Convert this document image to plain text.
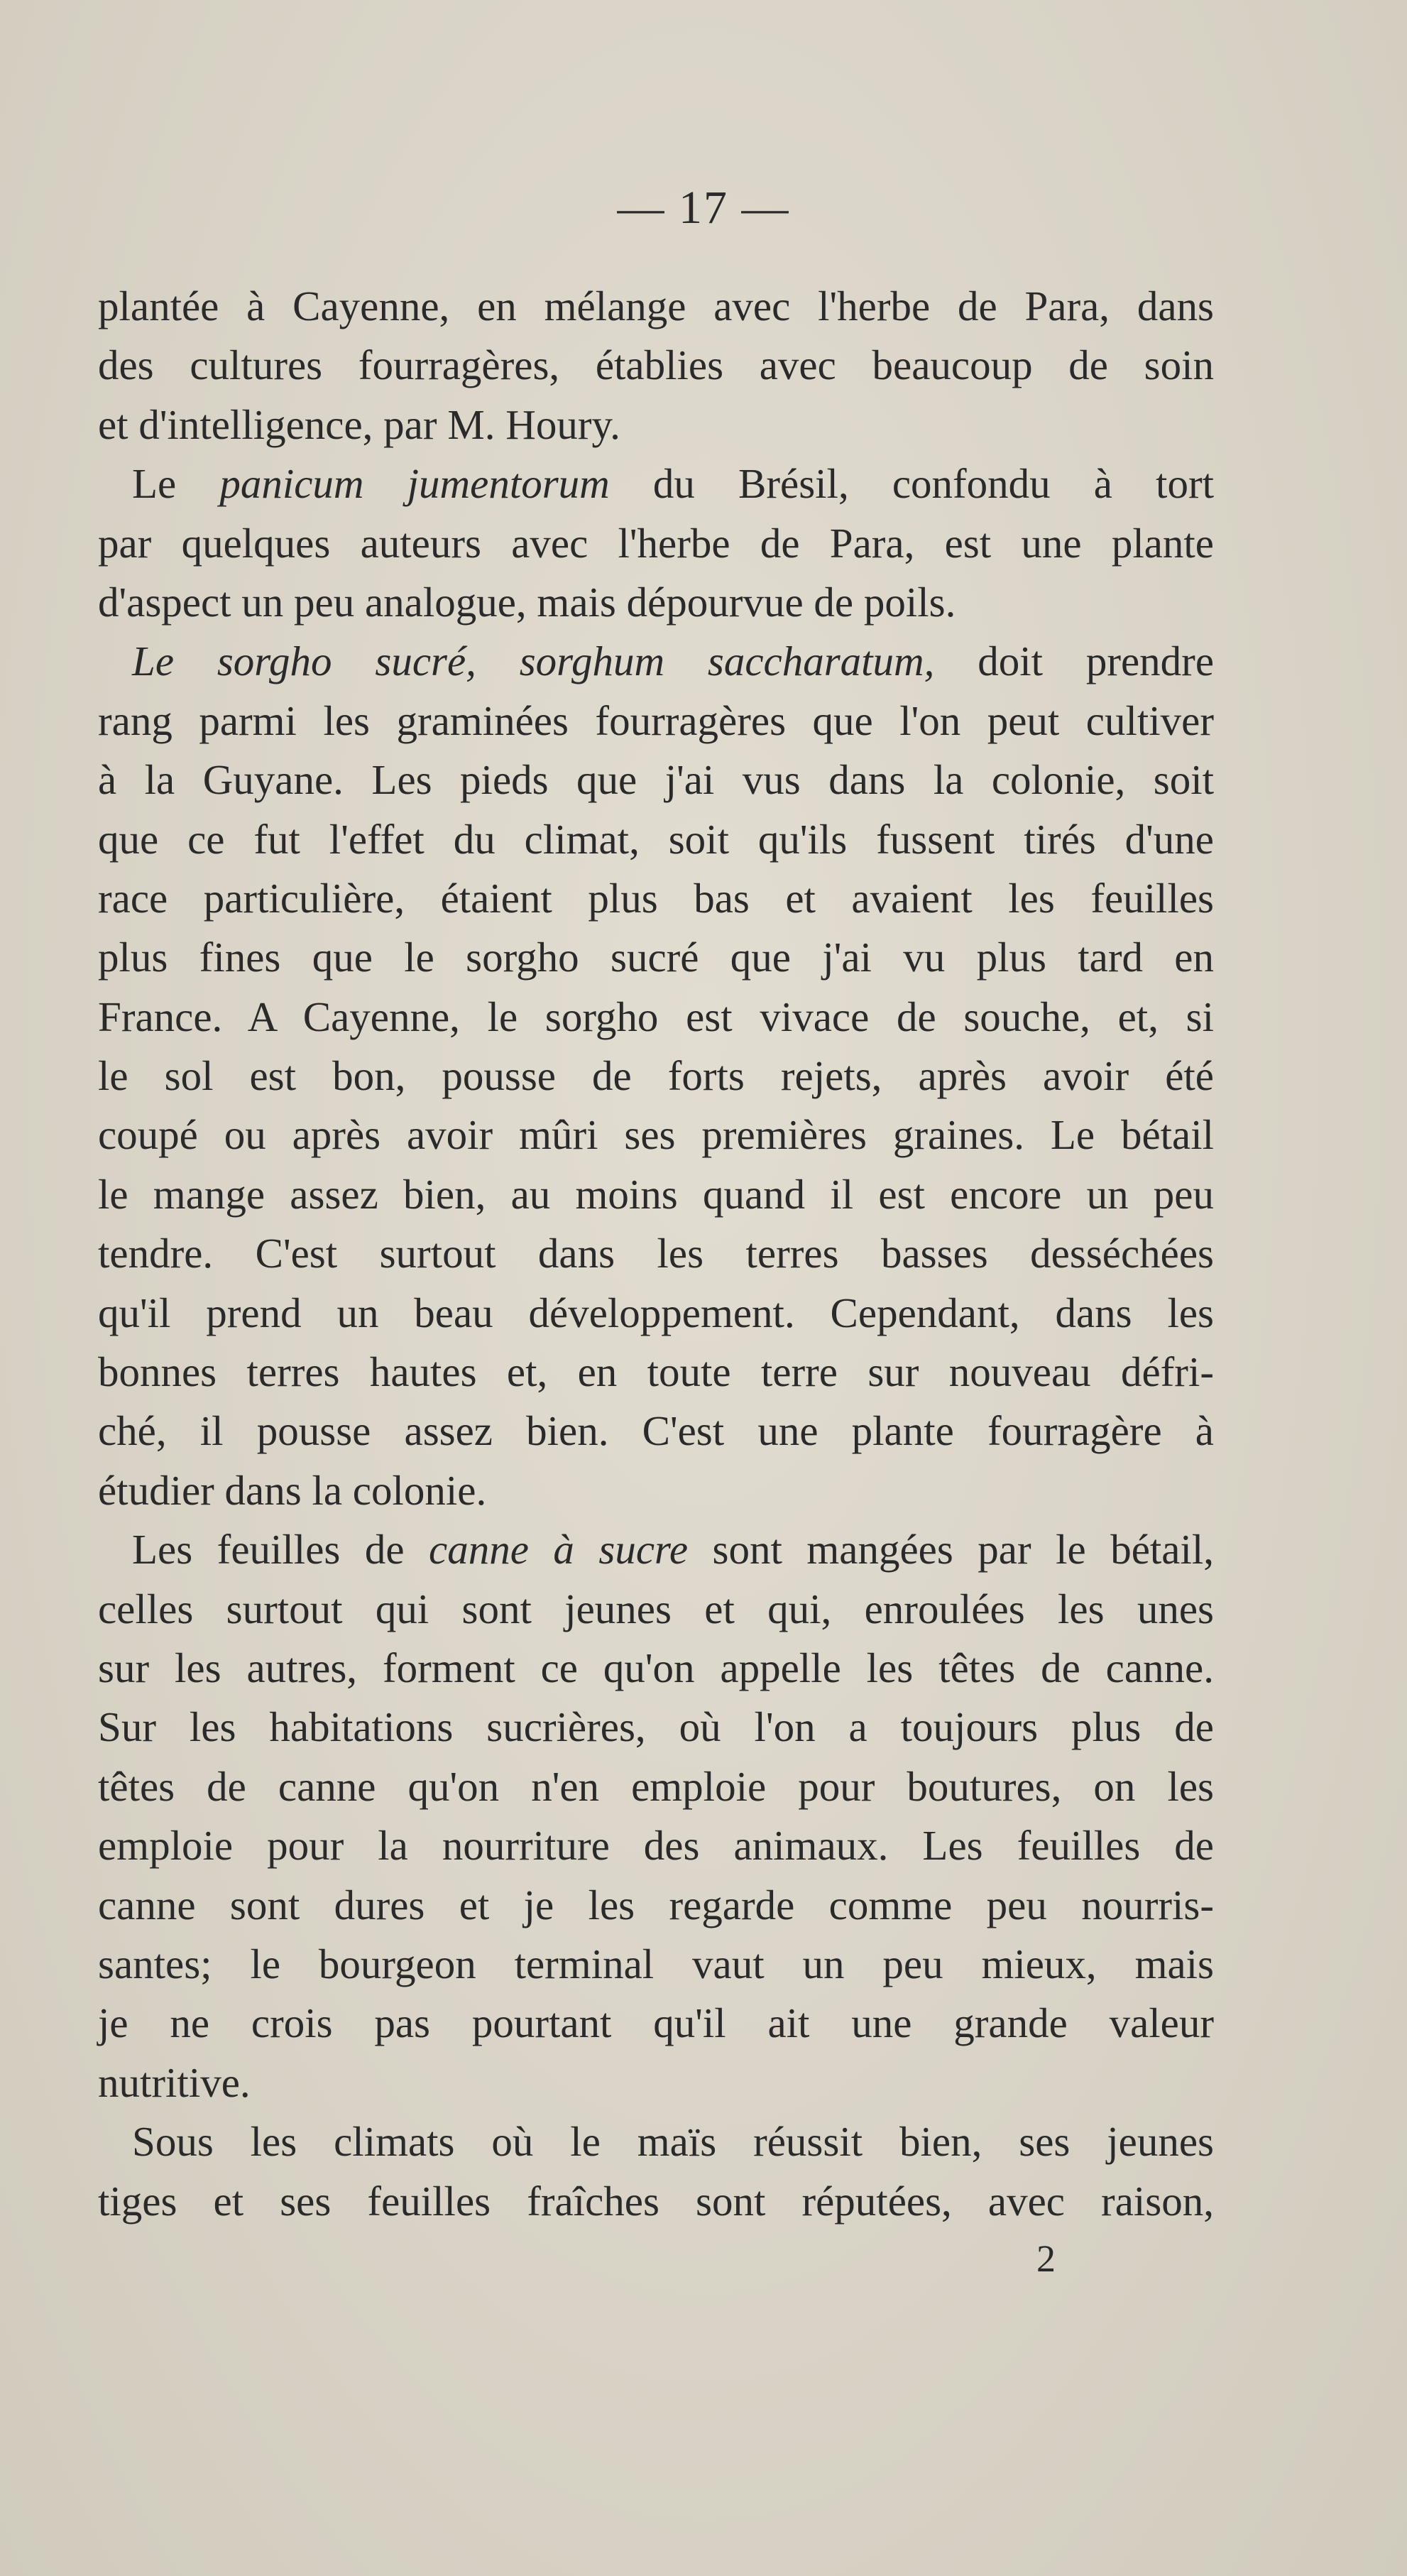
— 17 —
plantée à Cayenne, en mélange avec l'herbe de Para, dans
des cultures fourragères, établies avec beaucoup de soin
et d'intelligence, par M. Houry.
Le panicum jumentorum du Brésil, confondu à tort
par quelques auteurs avec l'herbe de Para, est une plante
d'aspect un peu analogue, mais dépourvue de poils.
Le sorgho sucré, sorghum saccharatum, doit prendre
rang parmi les graminées fourragères que l'on peut cultiver
à la Guyane. Les pieds que j'ai vus dans la colonie, soit
que ce fut l'effet du climat, soit qu'ils fussent tirés d'une
race particulière, étaient plus bas et avaient les feuilles
plus fines que le sorgho sucré que j'ai vu plus tard en
France. A Cayenne, le sorgho est vivace de souche, et, si
le sol est bon, pousse de forts rejets, après avoir été
coupé ou après avoir mûri ses premières graines. Le bétail
le mange assez bien, au moins quand il est encore un peu
tendre. C'est surtout dans les terres basses desséchées
qu'il prend un beau développement. Cependant, dans les
bonnes terres hautes et, en toute terre sur nouveau défri-
ché, il pousse assez bien. C'est une plante fourragère à
étudier dans la colonie.
Les feuilles de canne à sucre sont mangées par le bétail,
celles surtout qui sont jeunes et qui, enroulées les unes
sur les autres, forment ce qu'on appelle les têtes de canne.
Sur les habitations sucrières, où l'on a toujours plus de
têtes de canne qu'on n'en emploie pour boutures, on les
emploie pour la nourriture des animaux. Les feuilles de
canne sont dures et je les regarde comme peu nourris-
santes; le bourgeon terminal vaut un peu mieux, mais
je ne crois pas pourtant qu'il ait une grande valeur
nutritive.
Sous les climats où le maïs réussit bien, ses jeunes
tiges et ses feuilles fraîches sont réputées, avec raison,
2
